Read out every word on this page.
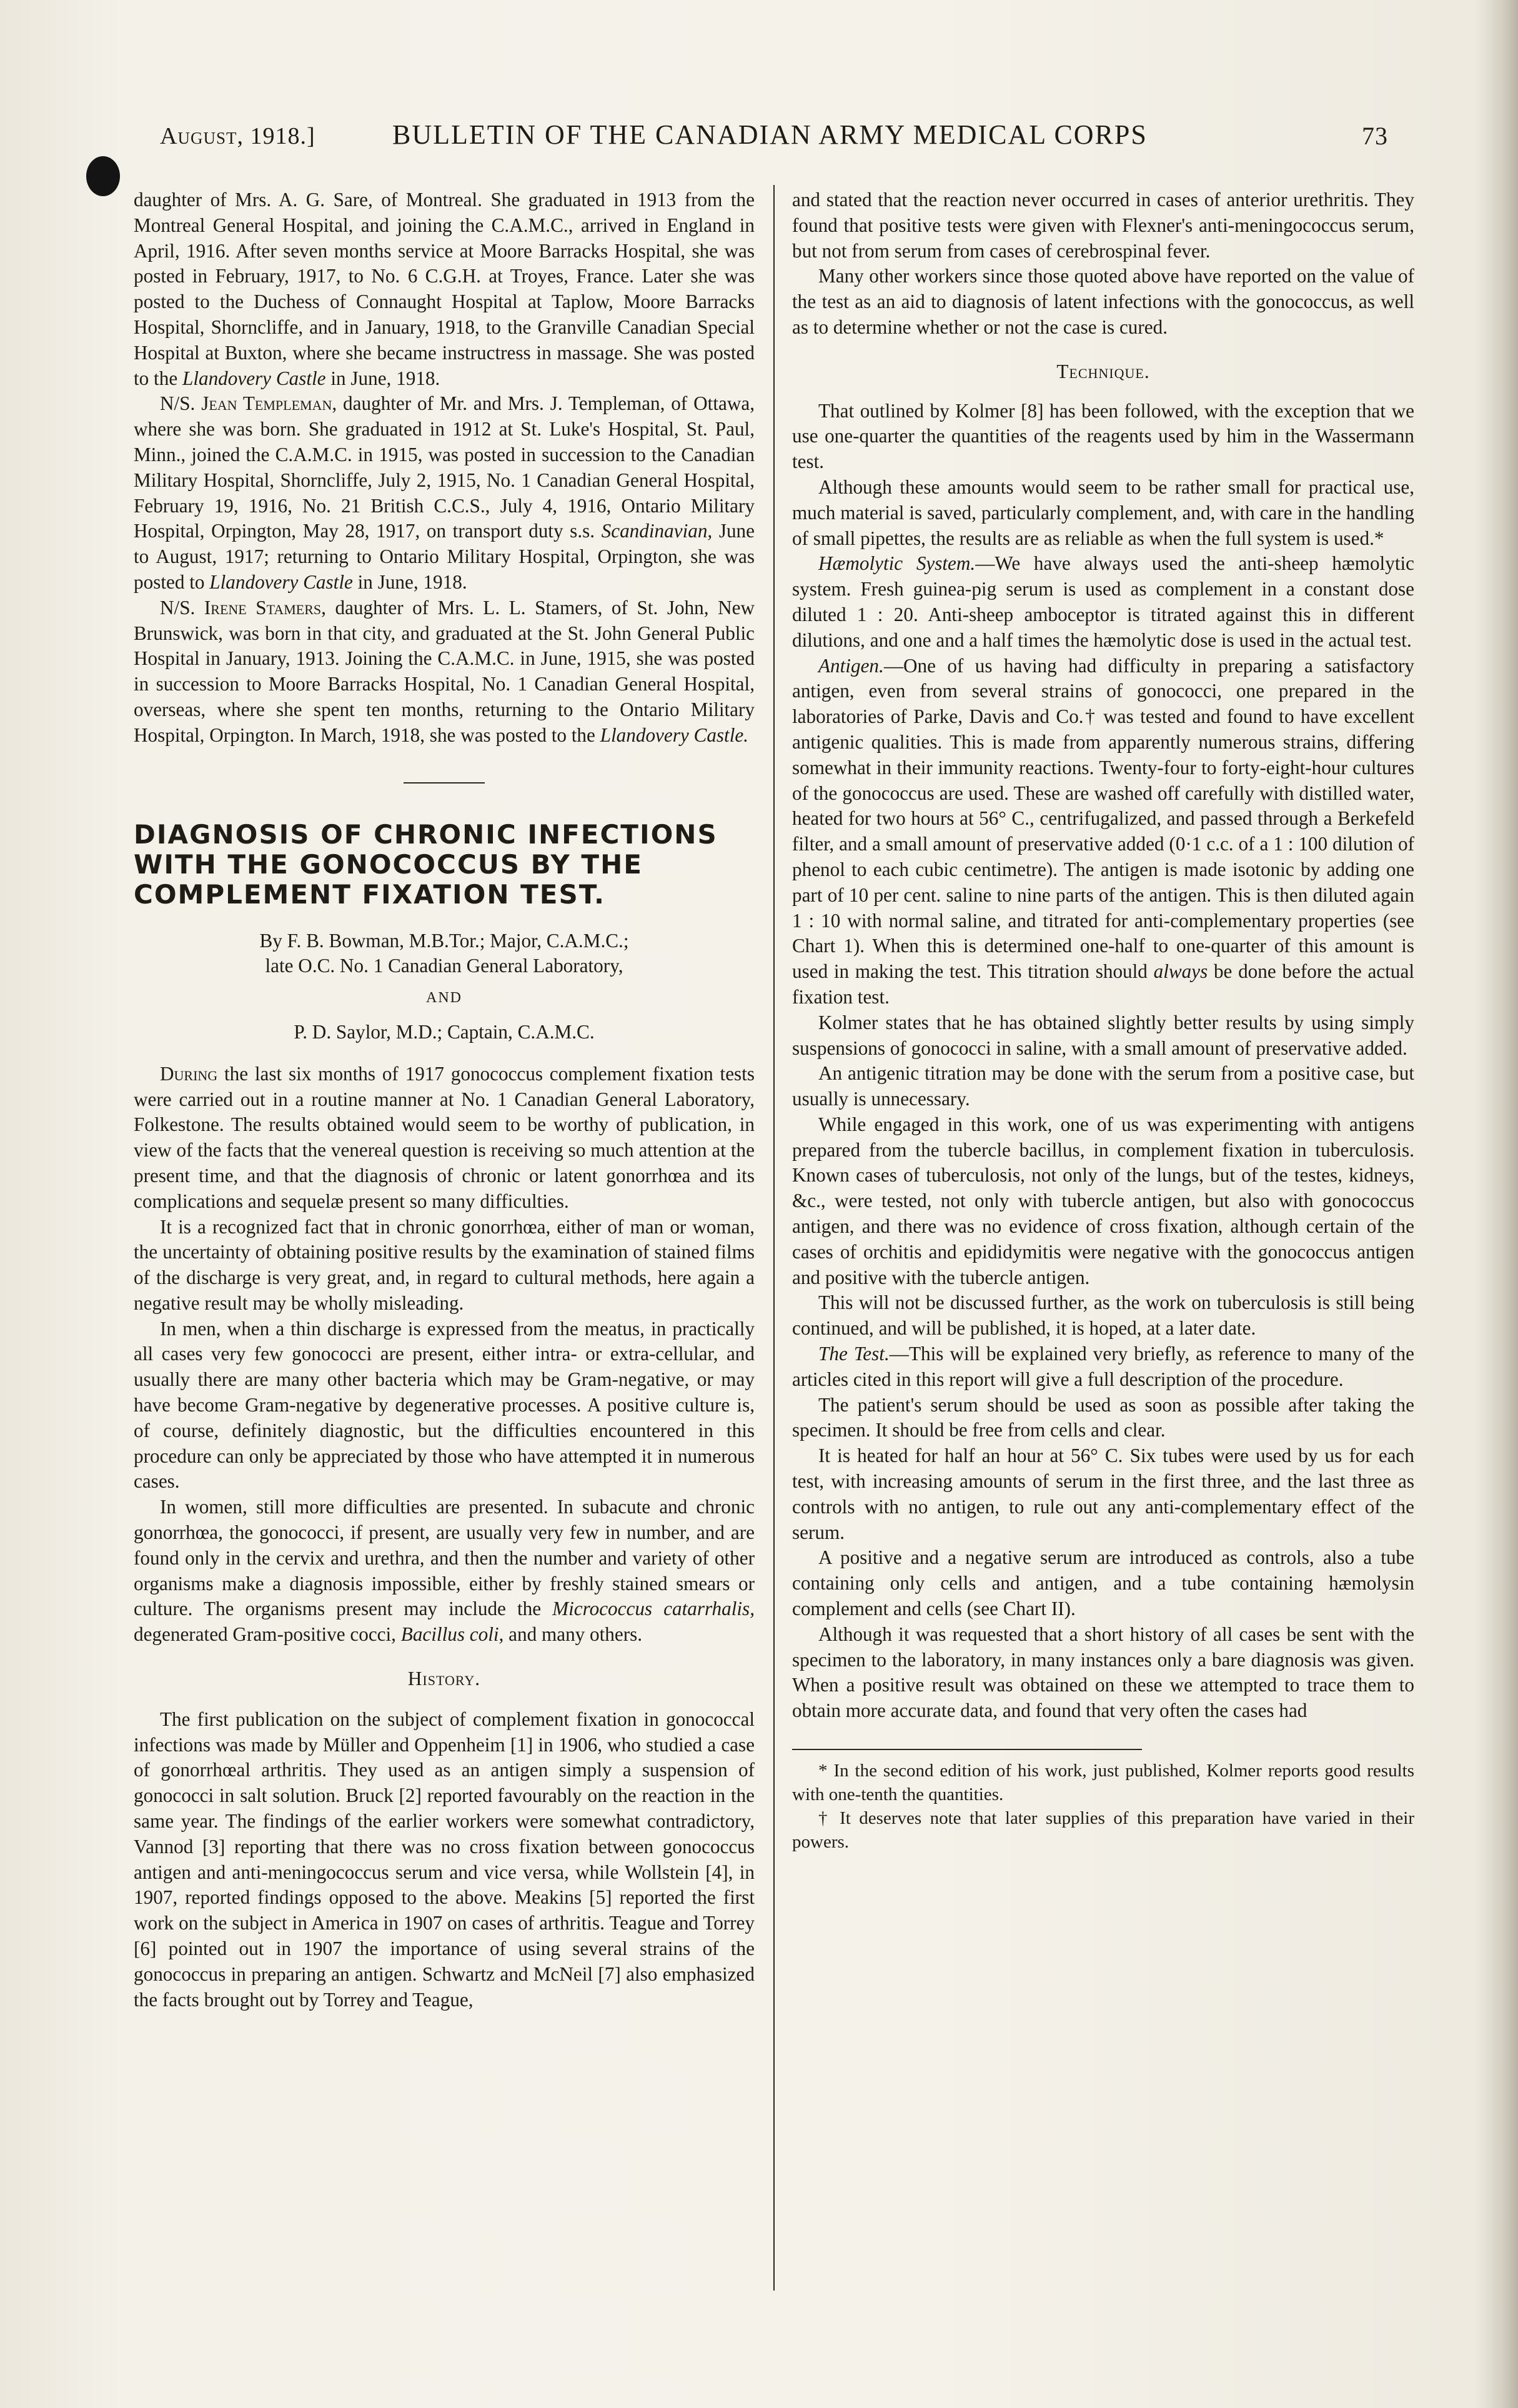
August, 1918.]	BULLETIN OF THE CANADIAN ARMY MEDICAL CORPS	73

daughter of Mrs. A. G. Sare, of Montreal. She graduated in 1913 from the Montreal General Hospital, and joining the C.A.M.C., arrived in England in April, 1916. After seven months service at Moore Barracks Hospital, she was posted in February, 1917, to No. 6 C.G.H. at Troyes, France. Later she was posted to the Duchess of Connaught Hospital at Taplow, Moore Barracks Hospital, Shorncliffe, and in January, 1918, to the Granville Canadian Special Hospital at Buxton, where she became instructress in massage. She was posted to the Llandovery Castle in June, 1918.

N/S. Jean Templeman, daughter of Mr. and Mrs. J. Templeman, of Ottawa, where she was born. She graduated in 1912 at St. Luke's Hospital, St. Paul, Minn., joined the C.A.M.C. in 1915, was posted in succession to the Canadian Military Hospital, Shorncliffe, July 2, 1915, No. 1 Canadian General Hospital, February 19, 1916, No. 21 British C.C.S., July 4, 1916, Ontario Military Hospital, Orpington, May 28, 1917, on transport duty s.s. Scandinavian, June to August, 1917; returning to Ontario Military Hospital, Orpington, she was posted to Llandovery Castle in June, 1918.

N/S. Irene Stamers, daughter of Mrs. L. L. Stamers, of St. John, New Brunswick, was born in that city, and graduated at the St. John General Public Hospital in January, 1913. Joining the C.A.M.C. in June, 1915, she was posted in succession to Moore Barracks Hospital, No. 1 Canadian General Hospital, overseas, where she spent ten months, returning to the Ontario Military Hospital, Orpington. In March, 1918, she was posted to the Llandovery Castle.

DIAGNOSIS OF CHRONIC INFECTIONS WITH THE GONOCOCCUS BY THE COMPLEMENT FIXATION TEST.

By F. B. Bowman, M.B.Tor.; Major, C.A.M.C.;

late O.C. No. 1 Canadian General Laboratory,

AND

P. D. Saylor, M.D.; Captain, C.A.M.C.

During the last six months of 1917 gonococcus complement fixation tests were carried out in a routine manner at No. 1 Canadian General Laboratory, Folkestone. The results obtained would seem to be worthy of publication, in view of the facts that the venereal question is receiving so much attention at the present time, and that the diagnosis of chronic or latent gonorrhœa and its complications and sequelæ present so many difficulties.

It is a recognized fact that in chronic gonorrhœa, either of man or woman, the uncertainty of obtaining positive results by the examination of stained films of the discharge is very great, and, in regard to cultural methods, here again a negative result may be wholly misleading.

In men, when a thin discharge is expressed from the meatus, in practically all cases very few gonococci are present, either intra- or extra-cellular, and usually there are many other bacteria which may be Gram-negative, or may have become Gram-negative by degenerative processes. A positive culture is, of course, definitely diagnostic, but the difficulties encountered in this procedure can only be appreciated by those who have attempted it in numerous cases.

In women, still more difficulties are presented. In subacute and chronic gonorrhœa, the gonococci, if present, are usually very few in number, and are found only in the cervix and urethra, and then the number and variety of other organisms make a diagnosis impossible, either by freshly stained smears or culture. The organisms present may include the Micrococcus catarrhalis, degenerated Gram-positive cocci, Bacillus coli, and many others.

History.

The first publication on the subject of complement fixation in gonococcal infections was made by Müller and Oppenheim [1] in 1906, who studied a case of gonorrhœal arthritis. They used as an antigen simply a suspension of gonococci in salt solution. Bruck [2] reported favourably on the reaction in the same year. The findings of the earlier workers were somewhat contradictory, Vannod [3] reporting that there was no cross fixation between gonococcus antigen and anti-meningococcus serum and vice versa, while Wollstein [4], in 1907, reported findings opposed to the above. Meakins [5] reported the first work on the subject in America in 1907 on cases of arthritis. Teague and Torrey [6] pointed out in 1907 the importance of using several strains of the gonococcus in preparing an antigen. Schwartz and McNeil [7] also emphasized the facts brought out by Torrey and Teague,

and stated that the reaction never occurred in cases of anterior urethritis. They found that positive tests were given with Flexner's anti-meningococcus serum, but not from serum from cases of cerebrospinal fever.

Many other workers since those quoted above have reported on the value of the test as an aid to diagnosis of latent infections with the gonococcus, as well as to determine whether or not the case is cured.

Technique.

That outlined by Kolmer [8] has been followed, with the exception that we use one-quarter the quantities of the reagents used by him in the Wassermann test.

Although these amounts would seem to be rather small for practical use, much material is saved, particularly complement, and, with care in the handling of small pipettes, the results are as reliable as when the full system is used.*

Hæmolytic System.—We have always used the anti-sheep hæmolytic system. Fresh guinea-pig serum is used as complement in a constant dose diluted 1 : 20. Anti-sheep amboceptor is titrated against this in different dilutions, and one and a half times the hæmolytic dose is used in the actual test.

Antigen.—One of us having had difficulty in preparing a satisfactory antigen, even from several strains of gonococci, one prepared in the laboratories of Parke, Davis and Co.† was tested and found to have excellent antigenic qualities. This is made from apparently numerous strains, differing somewhat in their immunity reactions. Twenty-four to forty-eight-hour cultures of the gonococcus are used. These are washed off carefully with distilled water, heated for two hours at 56° C., centrifugalized, and passed through a Berkefeld filter, and a small amount of preservative added (0·1 c.c. of a 1 : 100 dilution of phenol to each cubic centimetre). The antigen is made isotonic by adding one part of 10 per cent. saline to nine parts of the antigen. This is then diluted again 1 : 10 with normal saline, and titrated for anti-complementary properties (see Chart 1). When this is determined one-half to one-quarter of this amount is used in making the test. This titration should always be done before the actual fixation test.

Kolmer states that he has obtained slightly better results by using simply suspensions of gonococci in saline, with a small amount of preservative added.

An antigenic titration may be done with the serum from a positive case, but usually is unnecessary.

While engaged in this work, one of us was experimenting with antigens prepared from the tubercle bacillus, in complement fixation in tuberculosis. Known cases of tuberculosis, not only of the lungs, but of the testes, kidneys, &c., were tested, not only with tubercle antigen, but also with gonococcus antigen, and there was no evidence of cross fixation, although certain of the cases of orchitis and epididymitis were negative with the gonococcus antigen and positive with the tubercle antigen.

This will not be discussed further, as the work on tuberculosis is still being continued, and will be published, it is hoped, at a later date.

The Test.—This will be explained very briefly, as reference to many of the articles cited in this report will give a full description of the procedure.

The patient's serum should be used as soon as possible after taking the specimen. It should be free from cells and clear.

It is heated for half an hour at 56° C. Six tubes were used by us for each test, with increasing amounts of serum in the first three, and the last three as controls with no antigen, to rule out any anti-complementary effect of the serum.

A positive and a negative serum are introduced as controls, also a tube containing only cells and antigen, and a tube containing hæmolysin complement and cells (see Chart II).

Although it was requested that a short history of all cases be sent with the specimen to the laboratory, in many instances only a bare diagnosis was given. When a positive result was obtained on these we attempted to trace them to obtain more accurate data, and found that very often the cases had

* In the second edition of his work, just published, Kolmer reports good results with one-tenth the quantities.

† It deserves note that later supplies of this preparation have varied in their powers.
